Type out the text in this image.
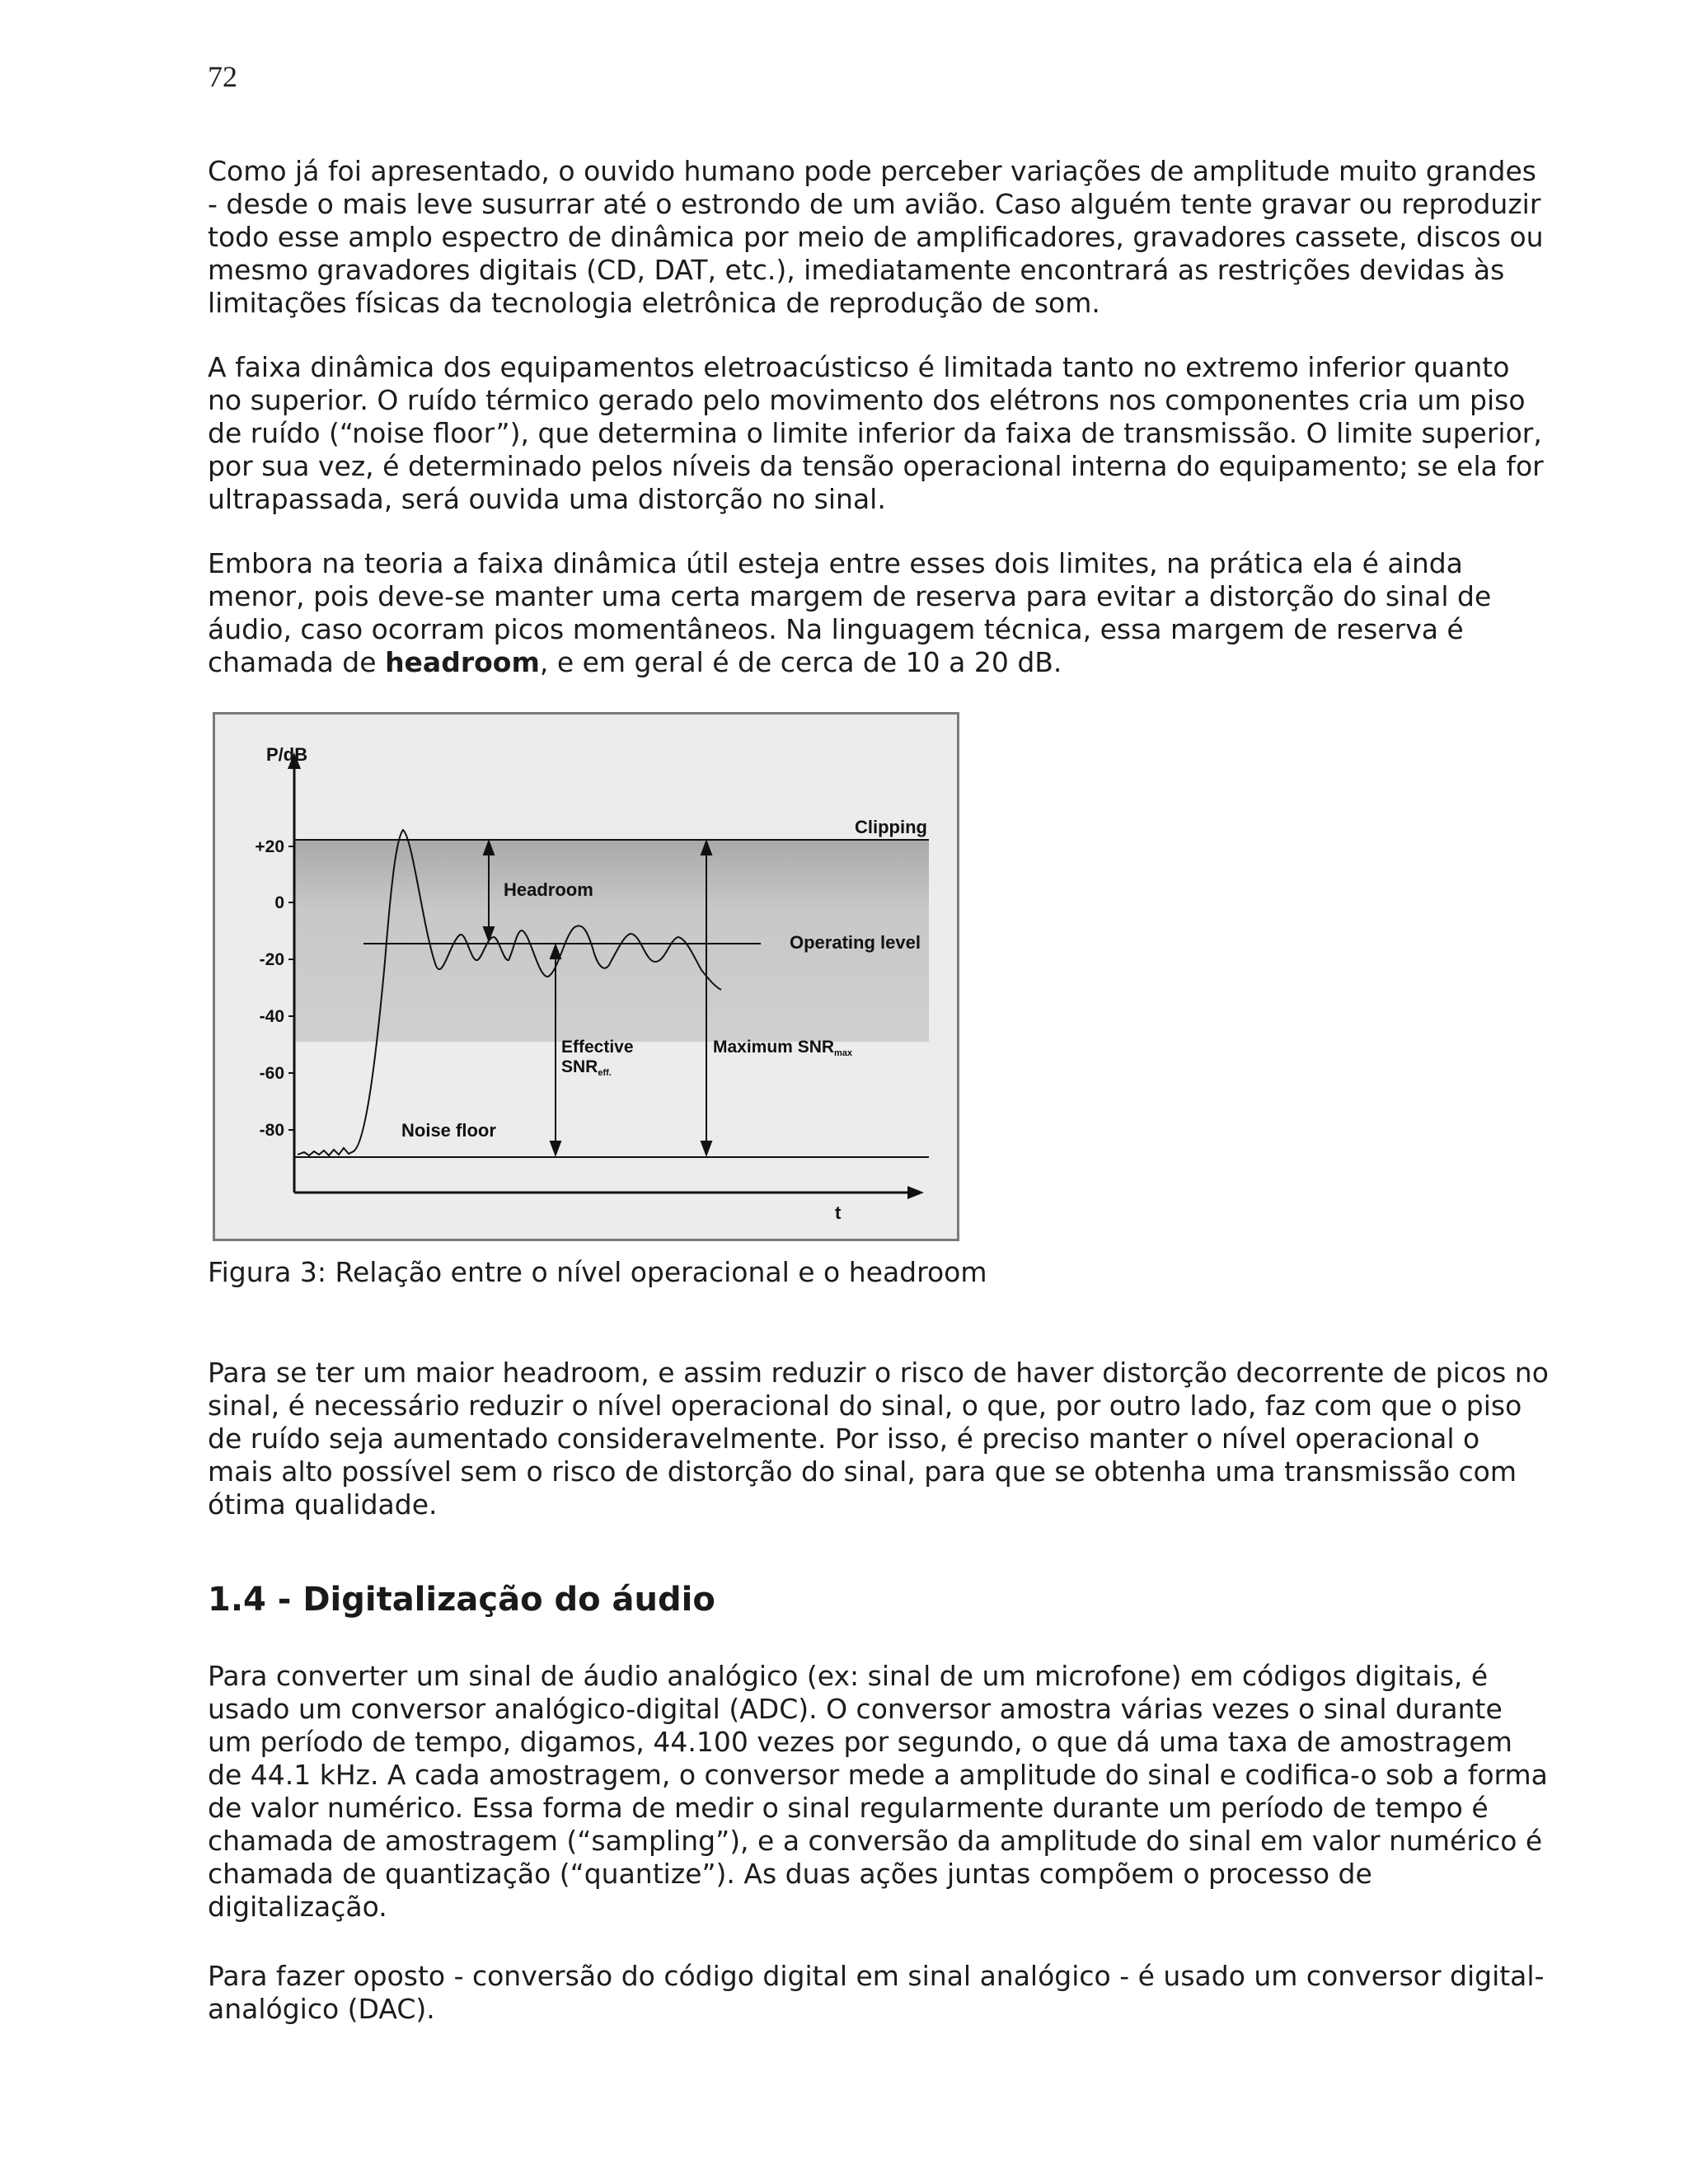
72

Como já foi apresentado, o ouvido humano pode perceber variações de amplitude muito grandes - desde o mais leve susurrar até o estrondo de um avião. Caso alguém tente gravar ou reproduzir todo esse amplo espectro de dinâmica por meio de amplificadores, gravadores cassete, discos ou mesmo gravadores digitais (CD, DAT, etc.), imediatamente encontrará as restrições devidas às limitações físicas da tecnologia eletrônica de reprodução de som.

A faixa dinâmica dos equipamentos eletroacústicso é limitada tanto no extremo inferior quanto no superior. O ruído térmico gerado pelo movimento dos elétrons nos componentes cria um piso de ruído (“noise floor”), que determina o limite inferior da faixa de transmissão. O limite superior, por sua vez, é determinado pelos níveis da tensão operacional interna do equipamento; se ela for ultrapassada, será ouvida uma distorção no sinal.

Embora na teoria a faixa dinâmica útil esteja entre esses dois limites, na prática ela é ainda menor, pois deve-se manter uma certa margem de reserva para evitar a distorção do sinal de áudio, caso ocorram picos momentâneos. Na linguagem técnica, essa margem de reserva é chamada de headroom, e em geral é de cerca de 10 a 20 dB.

P/dB
t
+20
0
-20
-40
-60
-80
Clipping
Headroom
Operating level
Effective
SNReff.
Maximum SNRmax
Noise floor

Figura 3: Relação entre o nível operacional e o headroom

Para se ter um maior headroom, e assim reduzir o risco de haver distorção decorrente de picos no sinal, é necessário reduzir o nível operacional do sinal, o que, por outro lado, faz com que o piso de ruído seja aumentado consideravelmente. Por isso, é preciso manter o nível operacional o mais alto possível sem o risco de distorção do sinal, para que se obtenha uma transmissão com ótima qualidade.

1.4 - Digitalização do áudio

Para converter um sinal de áudio analógico (ex: sinal de um microfone) em códigos digitais, é usado um conversor analógico-digital (ADC). O conversor amostra várias vezes o sinal durante um período de tempo, digamos, 44.100 vezes por segundo, o que dá uma taxa de amostragem de 44.1 kHz. A cada amostragem, o conversor mede a amplitude do sinal e codifica-o sob a forma de valor numérico. Essa forma de medir o sinal regularmente durante um período de tempo é chamada de amostragem (“sampling”), e a conversão da amplitude do sinal em valor numérico é chamada de quantização (“quantize”). As duas ações juntas compõem o processo de digitalização.

Para fazer oposto - conversão do código digital em sinal analógico - é usado um conversor digital-analógico (DAC).
